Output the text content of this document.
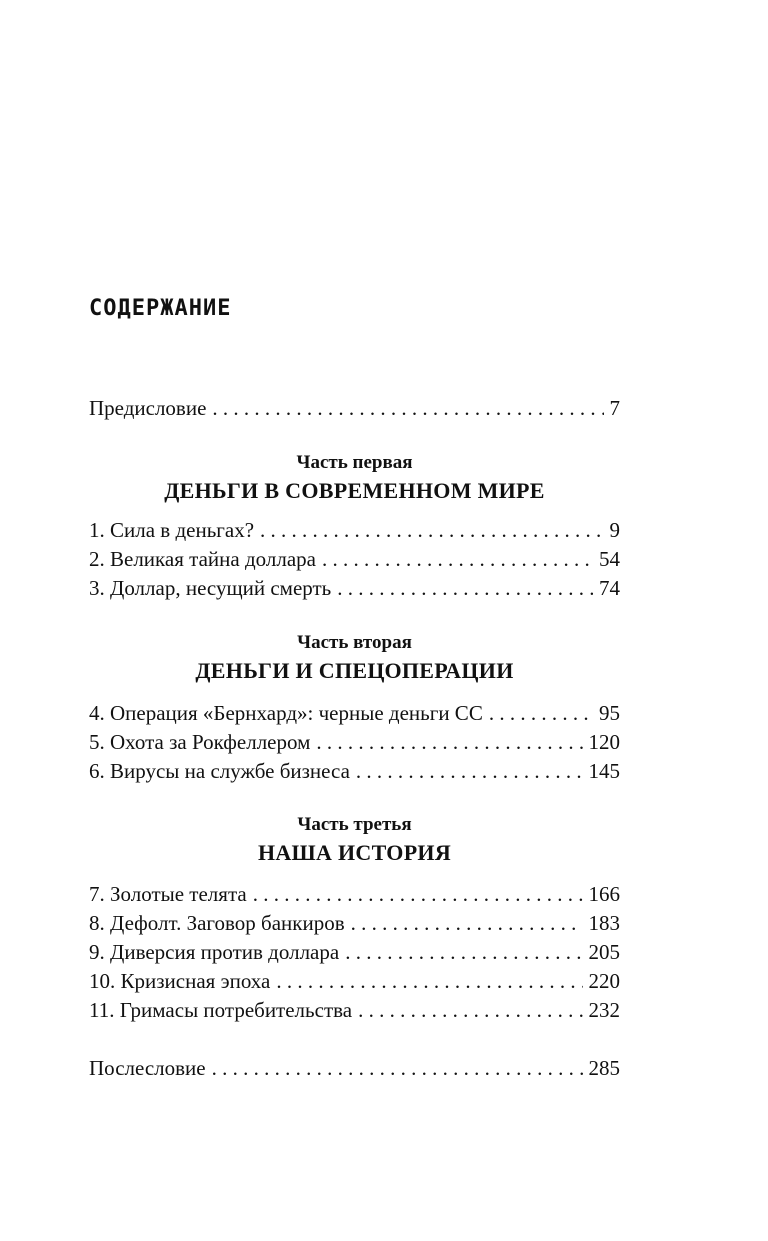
СОДЕРЖАНИЕ
Предисловие . . .	7
Часть первая
ДЕНЬГИ В СОВРЕМЕННОМ МИРЕ
1. Сила в деньгах? . . .	9
2. Великая тайна доллара . . .	54
3. Доллар, несущий смерть . . .	74
Часть вторая
ДЕНЬГИ И СПЕЦОПЕРАЦИИ
4. Операция «Бернхард»: черные деньги СС . . .	95
5. Охота за Рокфеллером . . .	120
6. Вирусы на службе бизнеса . . .	145
Часть третья
НАША ИСТОРИЯ
7. Золотые телята . . .	166
8. Дефолт. Заговор банкиров . . .	183
9. Диверсия против доллара . . .	205
10. Кризисная эпоха . . .	220
11. Гримасы потребительства . . .	232
Послесловие . . .	285
